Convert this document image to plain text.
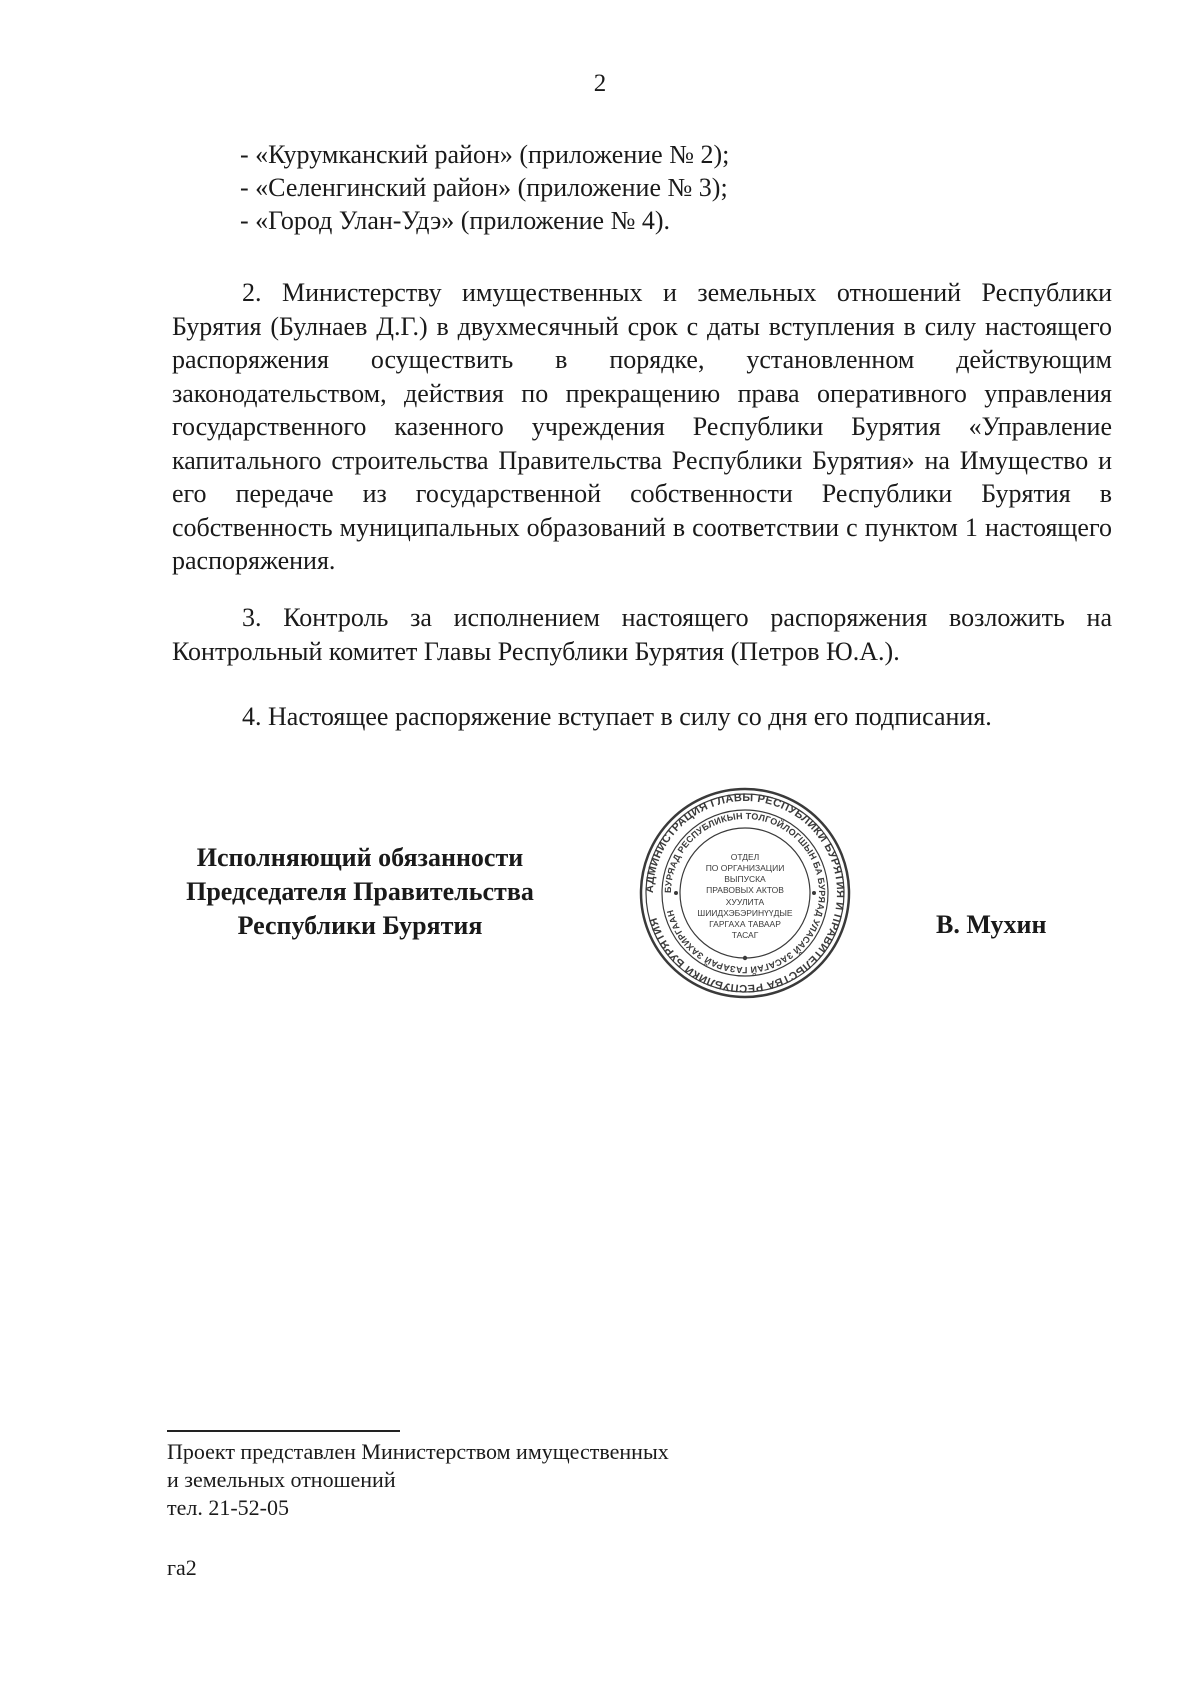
2
- «Курумканский район» (приложение № 2);
- «Селенгинский район» (приложение № 3);
- «Город Улан-Удэ» (приложение № 4).

2. Министерству имущественных и земельных отношений Республики Бурятия (Булнаев Д.Г.) в двухмесячный срок с даты вступления в силу настоящего распоряжения осуществить в порядке, установленном действующим законодательством, действия по прекращению права оперативного управления государственного казенного учреждения Республики Бурятия «Управление капитального строительства Правительства Республики Бурятия» на Имущество и его передаче из государственной собственности Республики Бурятия в собственность муниципальных образований в соответствии с пунктом 1 настоящего распоряжения.

3. Контроль за исполнением настоящего распоряжения возложить на Контрольный комитет Главы Республики Бурятия (Петров Ю.А.).

4. Настоящее распоряжение вступает в силу со дня его подписания.

Исполняющий обязанности
Председателя Правительства
Республики Бурятия
АДМИНИСТРАЦИЯ ГЛАВЫ РЕСПУБЛИКИ БУРЯТИЯ И ПРАВИТЕЛЬСТВА РЕСПУБЛИКИ БУРЯТИЯ
БУРЯАД РЕСПУБЛИКЫН ТОЛГОЙЛОГШЫН БА БУРЯАД УЛАСАЙ ЗАСАГАЙ ГАЗАРАЙ ЗАХИРГААН
ОТДЕЛ
ПО ОРГАНИЗАЦИИ
ВЫПУСКА
ПРАВОВЫХ АКТОВ
ХУУЛИТА
ШИИДХЭБЭРИНҮҮДЫЕ
ГАРГАХА ТАВААР
ТАСАГ	В. Мухин
Проект представлен Министерством имущественных
и земельных отношений
тел. 21-52-05
га2
